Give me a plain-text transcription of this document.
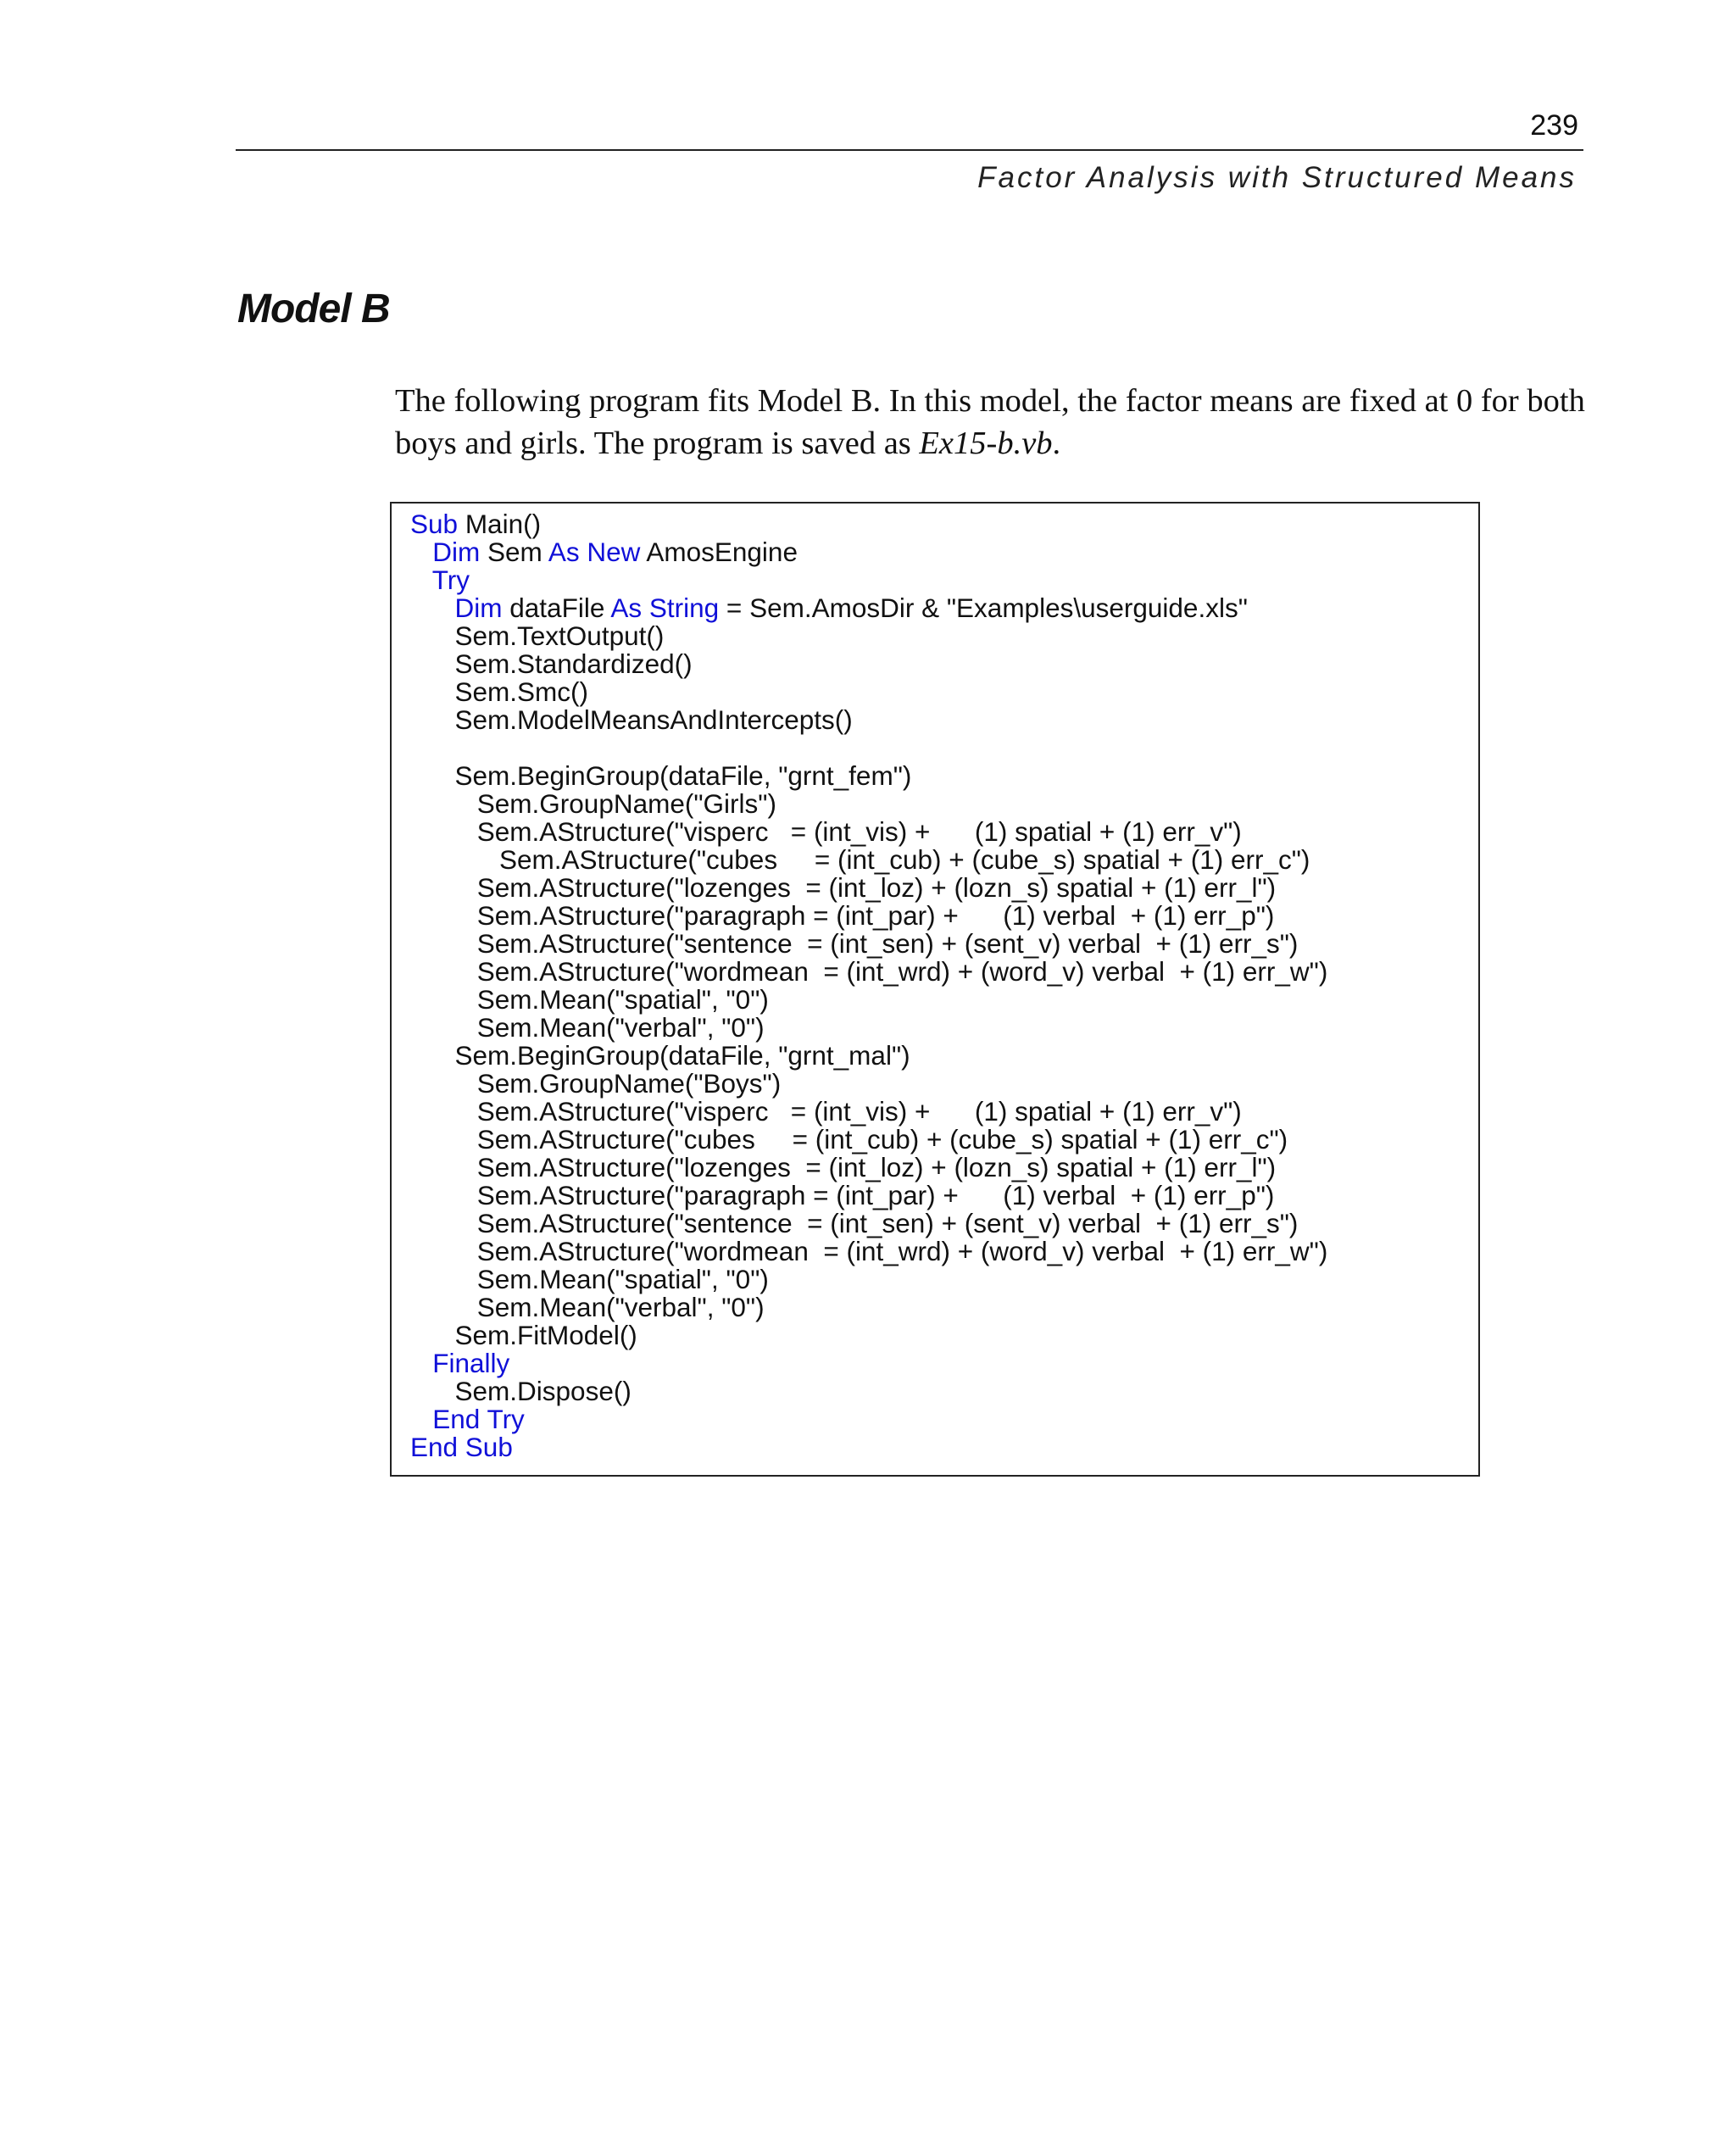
239
Factor Analysis with Structured Means
Model B

The following program fits Model B. In this model, the factor means are fixed at 0 for both boys and girls. The program is saved as Ex15-b.vb.

Sub Main()
Dim Sem As New AmosEngine
Try
Dim dataFile As String = Sem.AmosDir & "Examples\userguide.xls"
Sem.TextOutput()
Sem.Standardized()
Sem.Smc()
Sem.ModelMeansAndIntercepts()
Sem.BeginGroup(dataFile, "grnt_fem")
Sem.GroupName("Girls")
Sem.AStructure("visperc   = (int_vis) +      (1) spatial + (1) err_v")
Sem.AStructure("cubes     = (int_cub) + (cube_s) spatial + (1) err_c")
Sem.AStructure("lozenges  = (int_loz) + (lozn_s) spatial + (1) err_l")
Sem.AStructure("paragraph = (int_par) +      (1) verbal  + (1) err_p")
Sem.AStructure("sentence  = (int_sen) + (sent_v) verbal  + (1) err_s")
Sem.AStructure("wordmean  = (int_wrd) + (word_v) verbal  + (1) err_w")
Sem.Mean("spatial", "0")
Sem.Mean("verbal", "0")
Sem.BeginGroup(dataFile, "grnt_mal")
Sem.GroupName("Boys")
Sem.AStructure("visperc   = (int_vis) +      (1) spatial + (1) err_v")
Sem.AStructure("cubes     = (int_cub) + (cube_s) spatial + (1) err_c")
Sem.AStructure("lozenges  = (int_loz) + (lozn_s) spatial + (1) err_l")
Sem.AStructure("paragraph = (int_par) +      (1) verbal  + (1) err_p")
Sem.AStructure("sentence  = (int_sen) + (sent_v) verbal  + (1) err_s")
Sem.AStructure("wordmean  = (int_wrd) + (word_v) verbal  + (1) err_w")
Sem.Mean("spatial", "0")
Sem.Mean("verbal", "0")
Sem.FitModel()
Finally
Sem.Dispose()
End Try
End Sub
